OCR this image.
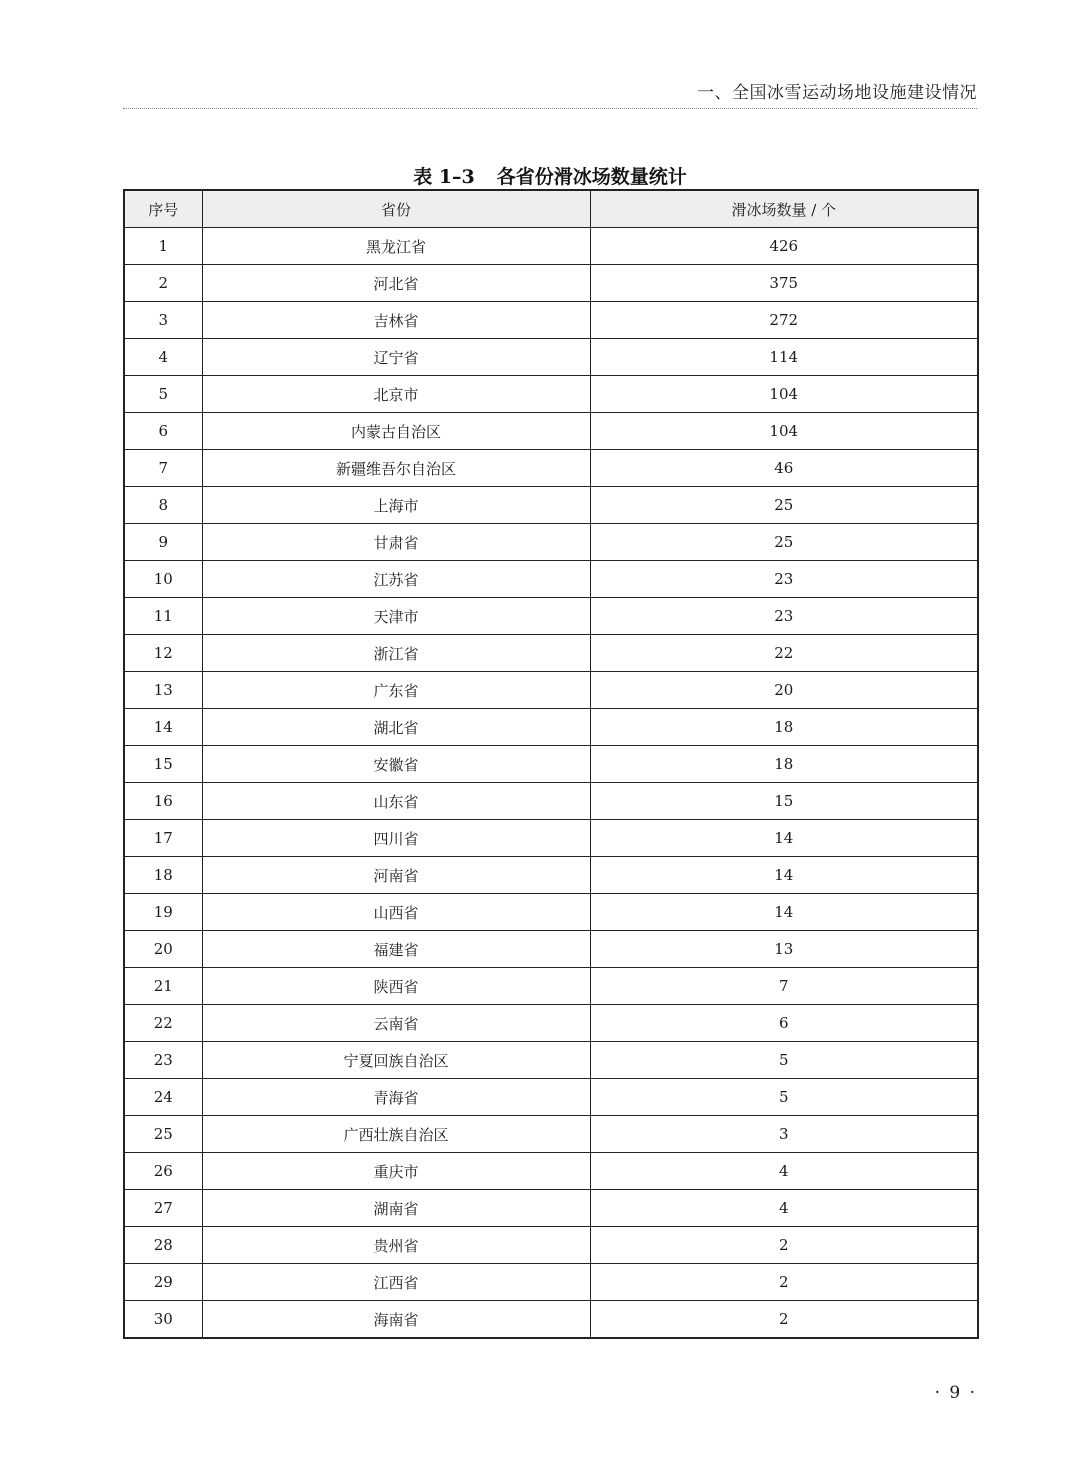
一、全国冰雪运动场地设施建设情况
表 1–3 各省份滑冰场数量统计
序号	省份	滑冰场数量 / 个
1	黑龙江省	426
2	河北省	375
3	吉林省	272
4	辽宁省	114
5	北京市	104
6	内蒙古自治区	104
7	新疆维吾尔自治区	46
8	上海市	25
9	甘肃省	25
10	江苏省	23
11	天津市	23
12	浙江省	22
13	广东省	20
14	湖北省	18
15	安徽省	18
16	山东省	15
17	四川省	14
18	河南省	14
19	山西省	14
20	福建省	13
21	陕西省	7
22	云南省	6
23	宁夏回族自治区	5
24	青海省	5
25	广西壮族自治区	3
26	重庆市	4
27	湖南省	4
28	贵州省	2
29	江西省	2
30	海南省	2
· 9 ·
